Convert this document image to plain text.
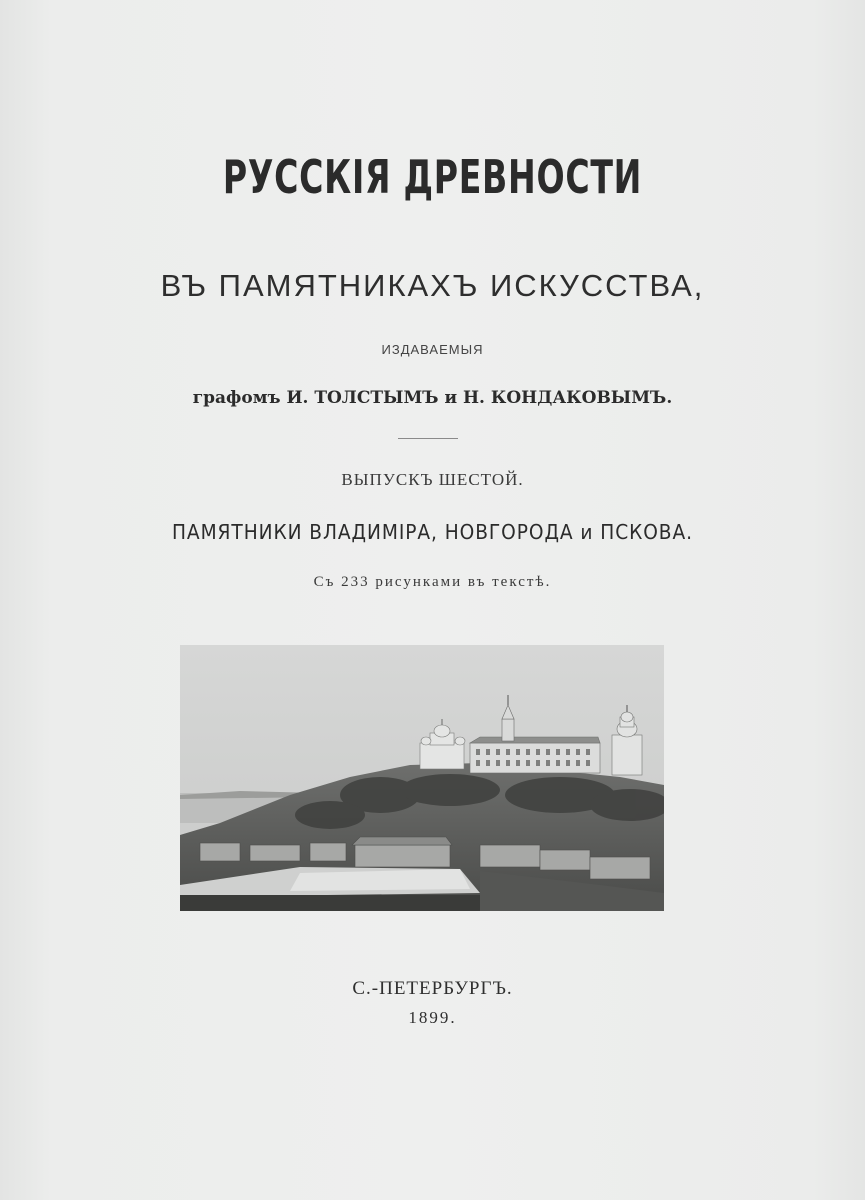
РУССКІЯ ДРЕВНОСТИ
ВЪ ПАМЯТНИКАХЪ ИСКУССТВА,
ИЗДАВАЕМЫЯ
графомъ И. ТОЛСТЫМЪ и Н. КОНДАКОВЫМЪ.
ВЫПУСКЪ ШЕСТОЙ.
ПАМЯТНИКИ ВЛАДИМІРА, НОВГОРОДА и ПСКОВА.
Съ 233 рисунками въ текстѣ.
С.-ПЕТЕРБУРГЪ.
1899.
